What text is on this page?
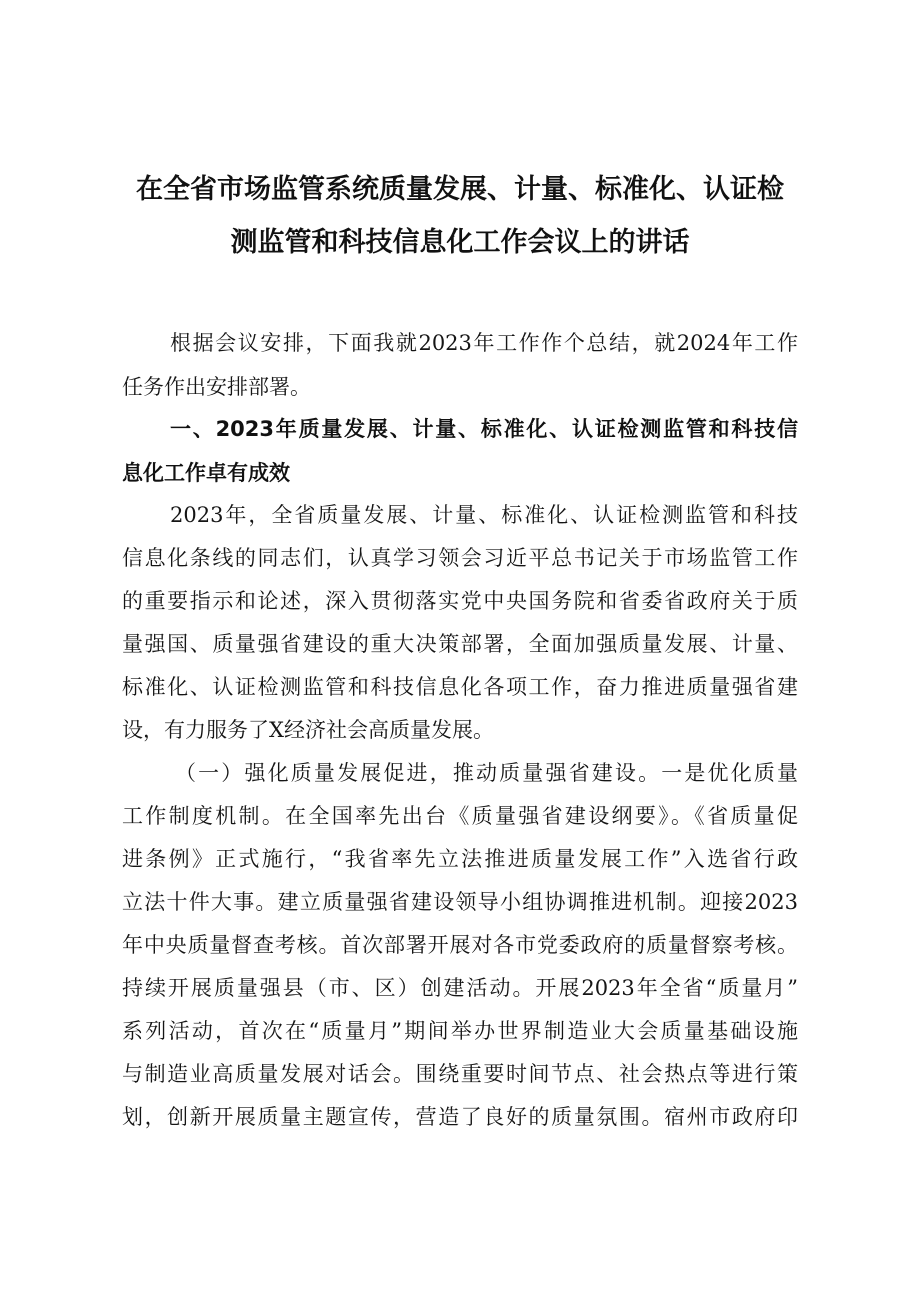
在全省市场监管系统质量发展、计量、标准化、认证检
测监管和科技信息化工作会议上的讲话
根据会议安排，下面我就2023年工作作个总结，就2024年工作
任务作出安排部署。
一、2023年质量发展、计量、标准化、认证检测监管和科技信
息化工作卓有成效
2023年，全省质量发展、计量、标准化、认证检测监管和科技
信息化条线的同志们，认真学习领会习近平总书记关于市场监管工作
的重要指示和论述，深入贯彻落实党中央国务院和省委省政府关于质
量强国、质量强省建设的重大决策部署，全面加强质量发展、计量、
标准化、认证检测监管和科技信息化各项工作，奋力推进质量强省建
设，有力服务了X经济社会高质量发展。
（一）强化质量发展促进，推动质量强省建设。一是优化质量
工作制度机制。在全国率先出台《质量强省建设纲要》。《省质量促
进条例》正式施行，“我省率先立法推进质量发展工作”入选省行政
立法十件大事。建立质量强省建设领导小组协调推进机制。迎接2023
年中央质量督查考核。首次部署开展对各市党委政府的质量督察考核。
持续开展质量强县（市、区）创建活动。开展2023年全省“质量月”
系列活动，首次在“质量月”期间举办世界制造业大会质量基础设施
与制造业高质量发展对话会。围绕重要时间节点、社会热点等进行策
划，创新开展质量主题宣传，营造了良好的质量氛围。宿州市政府印
